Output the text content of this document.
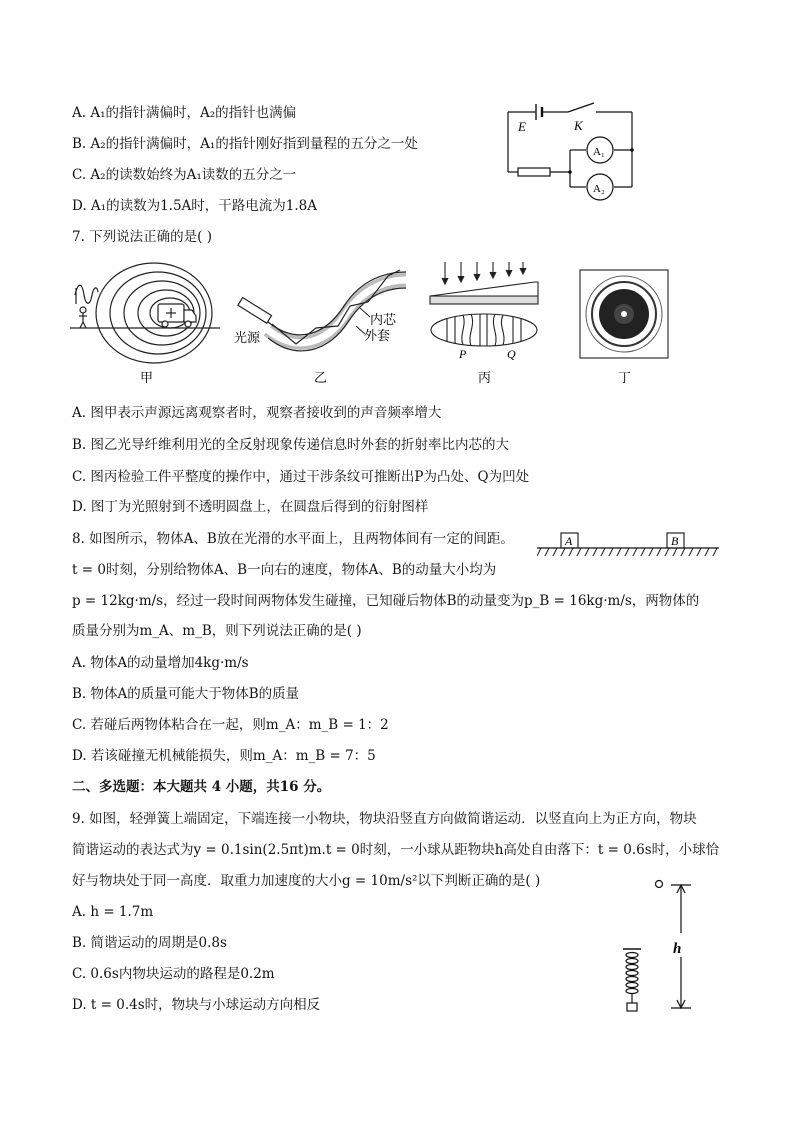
A. A₁的指针满偏时，A₂的指针也满偏
B. A₂的指针满偏时，A₁的指针刚好指到量程的五分之一处
C. A₂的读数始终为A₁读数的五分之一
D. A₁的读数为1.5A时，干路电流为1.8A
E	K
A₁
A₂
7. 下列说法正确的是( )
甲
光源
内芯
外套
乙
P	Q
丙	丁
A. 图甲表示声源远离观察者时，观察者接收到的声音频率增大
B. 图乙光导纤维利用光的全反射现象传递信息时外套的折射率比内芯的大
C. 图丙检验工件平整度的操作中，通过干涉条纹可推断出P为凸处、Q为凹处
D. 图丁为光照射到不透明圆盘上，在圆盘后得到的衍射图样
8. 如图所示，物体A、B放在光滑的水平面上，且两物体间有一定的间距。
t = 0时刻，分别给物体A、B一向右的速度，物体A、B的动量大小均为
p = 12kg·m/s，经过一段时间两物体发生碰撞，已知碰后物体B的动量变为p_B = 16kg·m/s，两物体的
质量分别为m_A、m_B，则下列说法正确的是( )
A	B
A. 物体A的动量增加4kg·m/s
B. 物体A的质量可能大于物体B的质量
C. 若碰后两物体粘合在一起，则m_A：m_B = 1：2
D. 若该碰撞无机械能损失，则m_A：m_B = 7：5
二、多选题：本大题共 4 小题，共16 分。
9. 如图，轻弹簧上端固定，下端连接一小物块，物块沿竖直方向做简谐运动．以竖直向上为正方向，物块
简谐运动的表达式为y = 0.1sin(2.5πt)m.t = 0时刻，一小球从距物块h高处自由落下：t = 0.6s时，小球恰
好与物块处于同一高度．取重力加速度的大小g = 10m/s²以下判断正确的是( )
A. h = 1.7m
B. 简谐运动的周期是0.8s
C. 0.6s内物块运动的路程是0.2m
D. t = 0.4s时，物块与小球运动方向相反
h
